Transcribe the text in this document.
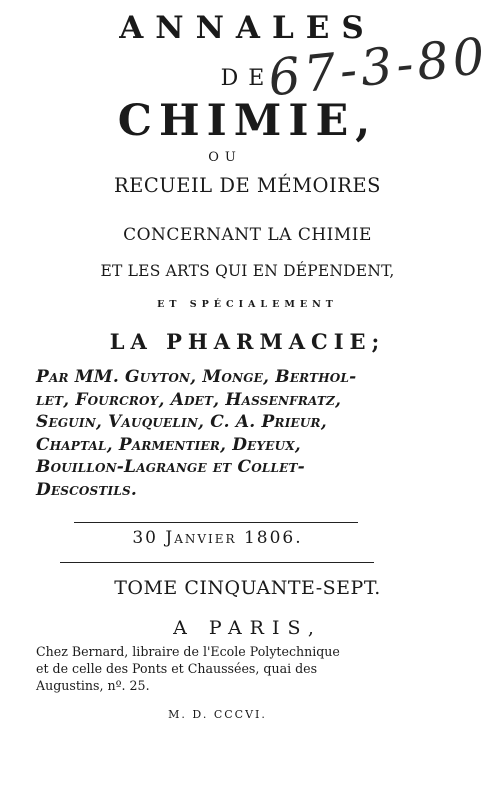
67-3-80
ANNALES
DE
CHIMIE,
OU
RECUEIL DE MÉMOIRES
CONCERNANT LA CHIMIE
ET LES ARTS QUI EN DÉPENDENT,
ET SPÉCIALEMENT
LA PHARMACIE;
Par MM. Guyton, Monge, Berthol-
let, Fourcroy, Adet, Hassenfratz,
Seguin, Vauquelin, C. A. Prieur,
Chaptal, Parmentier, Deyeux,
Bouillon-Lagrange et Collet-
Descostils.
30 Janvier 1806.
TOME CINQUANTE-SEPT.
A PARIS,
Chez Bernard, libraire de l'Ecole Polytechnique
et de celle des Ponts et Chaussées, quai des
Augustins, nº. 25.
M. D. CCCVI.
